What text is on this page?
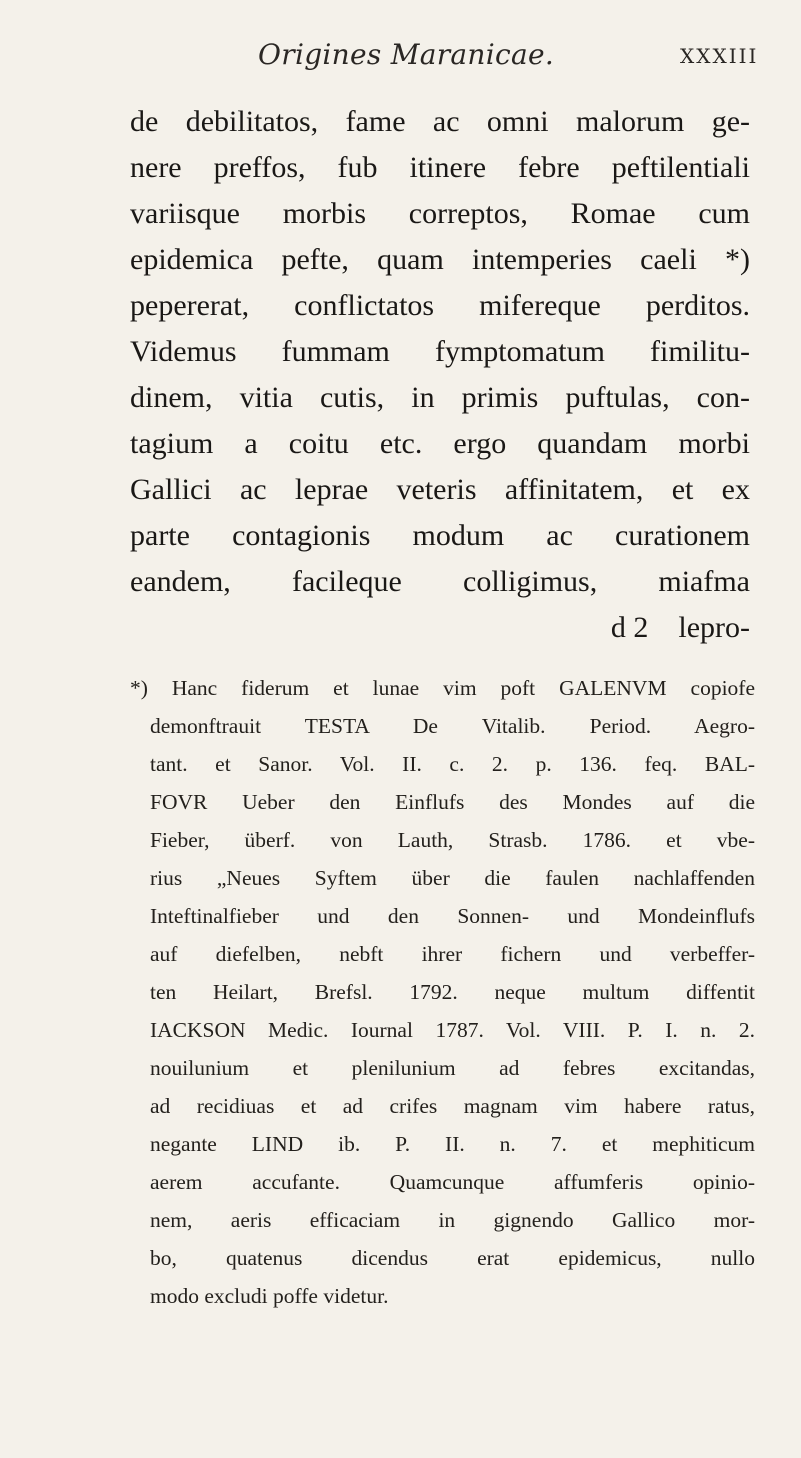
Origines Maranicae.	XXXIII
de debilitatos, fame ac omni malorum ge-
nere preffos, fub itinere febre peftilentiali
variisque morbis correptos, Romae cum
epidemica pefte, quam intemperies caeli *)
pepererat, conflictatos miferequе perditos.
Videmus fummam fymptomatum fimilitu-
dinem, vitia cutis, in primis puftulas, con-
tagium a coitu etc. ergo quandam morbi
Gallici ac leprae veteris affinitatem, et ex
parte contagionis modum ac curationem
eandem, facileque colligimus, miafma
d 2    lepro-
*) Hanc fiderum et lunae vim poft GALENVM copiofe
demonftrauit TESTA De Vitalib. Period. Aegro-
tant. et Sanor. Vol. II. c. 2. p. 136. feq. BAL-
FOVR Ueber den Einflufs des Mondes auf die
Fieber, überf. von Lauth, Strasb. 1786. et vbe-
rius „Neues Syftem über die faulen nachlaffenden
Inteftinalfieber und den Sonnen- und Mondeinflufs
auf diefelben, nebft ihrer fichern und verbeffer-
ten Heilart, Brefsl. 1792. neque multum diffentit
IACKSON Medic. Iournal 1787. Vol. VIII. P. I. n. 2.
nouilunium et plenilunium ad febres excitandas,
ad recidiuas et ad crifes magnam vim habere ratus,
negante LIND ib. P. II. n. 7. et mephiticum
aerem accufante. Quamcunque affumferis opinio-
nem, aeris efficaciam in gignendo Gallico mor-
bo, quatenus dicendus erat epidemicus, nullo
modo excludi poffe videtur.
